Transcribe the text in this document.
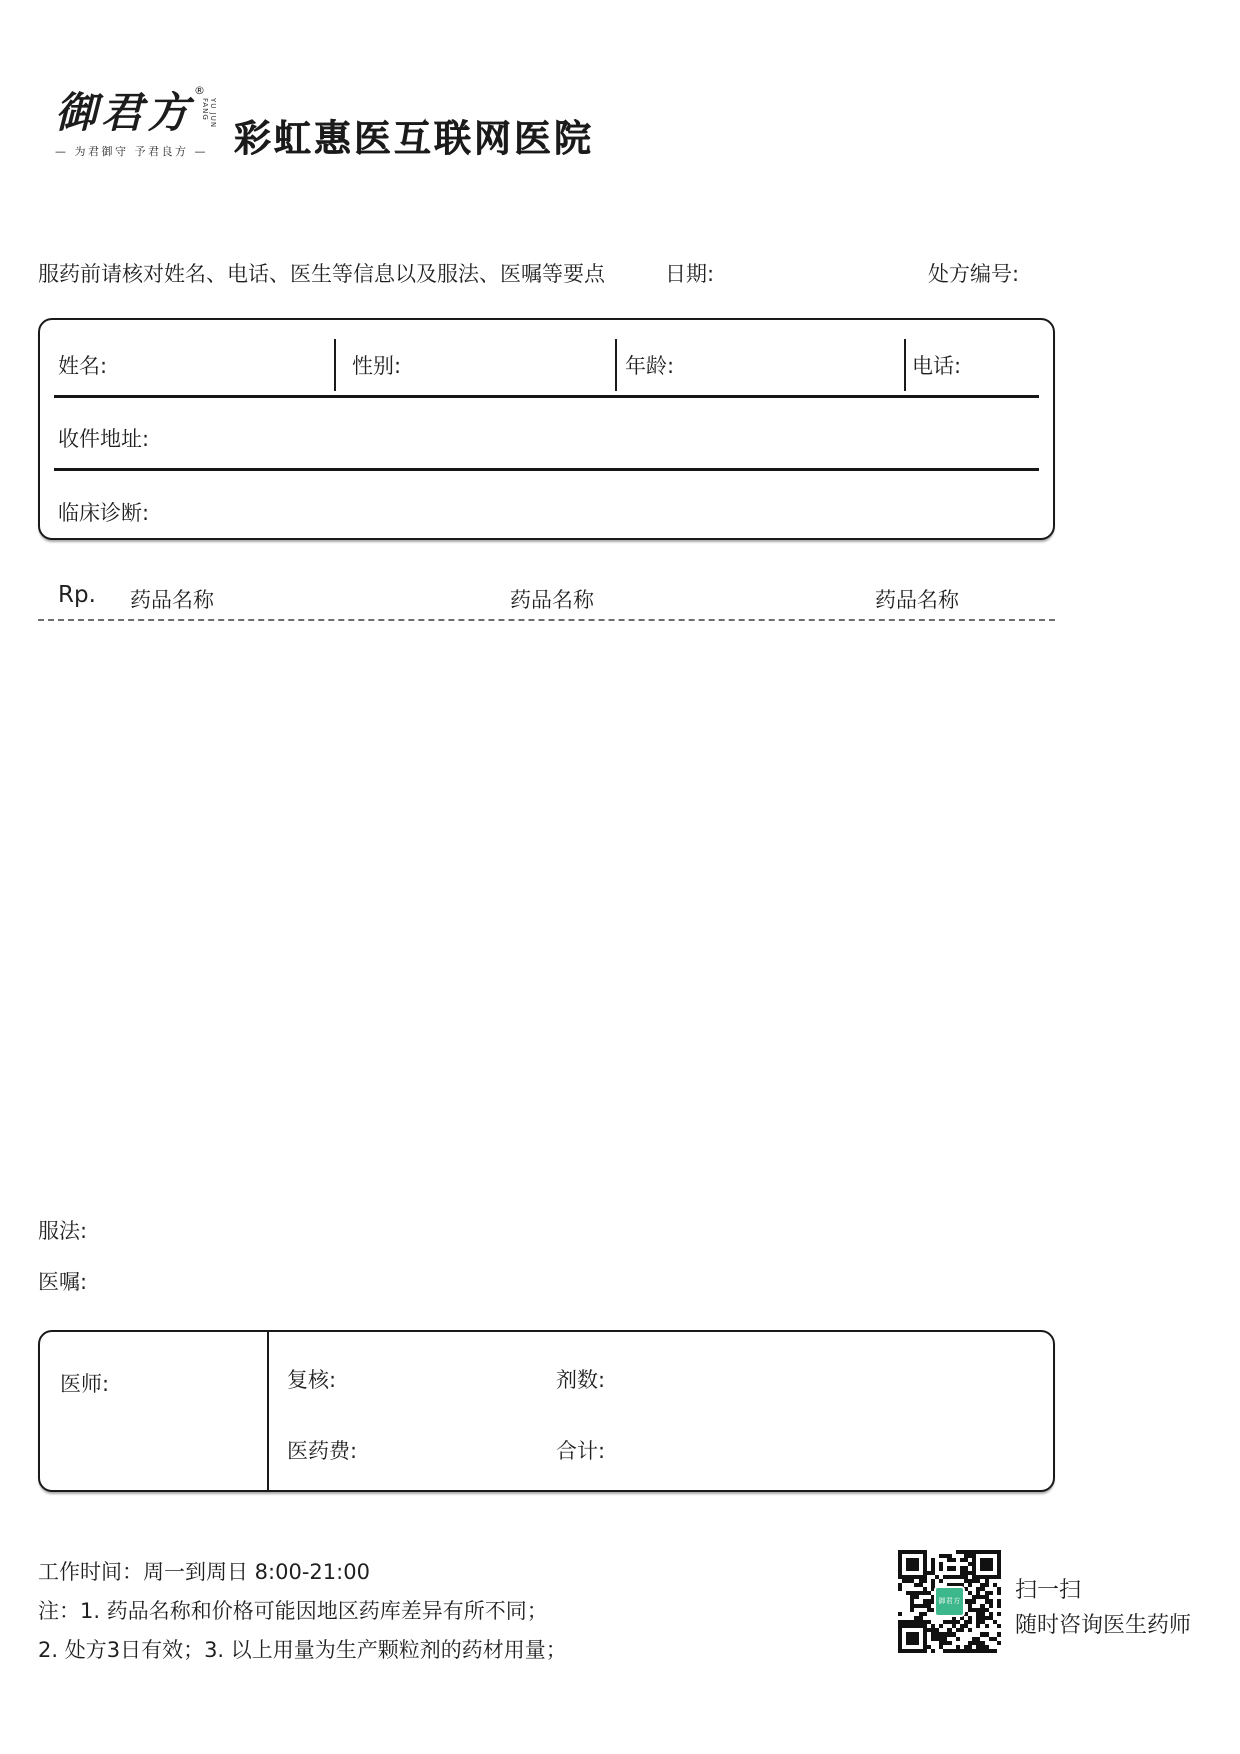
御君方 ®
YU JUN FANG
— 为君御守 予君良方 — 彩虹惠医互联网医院
服药前请核对姓名、电话、医生等信息以及服法、医嘱等要点	日期:	处方编号:
姓名:	性别:	年龄:	电话:
收件地址:
临床诊断:
Rp. 药品名称	药品名称	药品名称
服法:
医嘱:
医师:	复核:	剂数:
医药费:	合计:
工作时间：周一到周日 8:00-21:00
注：1. 药品名称和价格可能因地区药库差异有所不同；
2. 处方3日有效；3. 以上用量为生产颗粒剂的药材用量；
御君方 扫一扫
随时咨询医生药师
